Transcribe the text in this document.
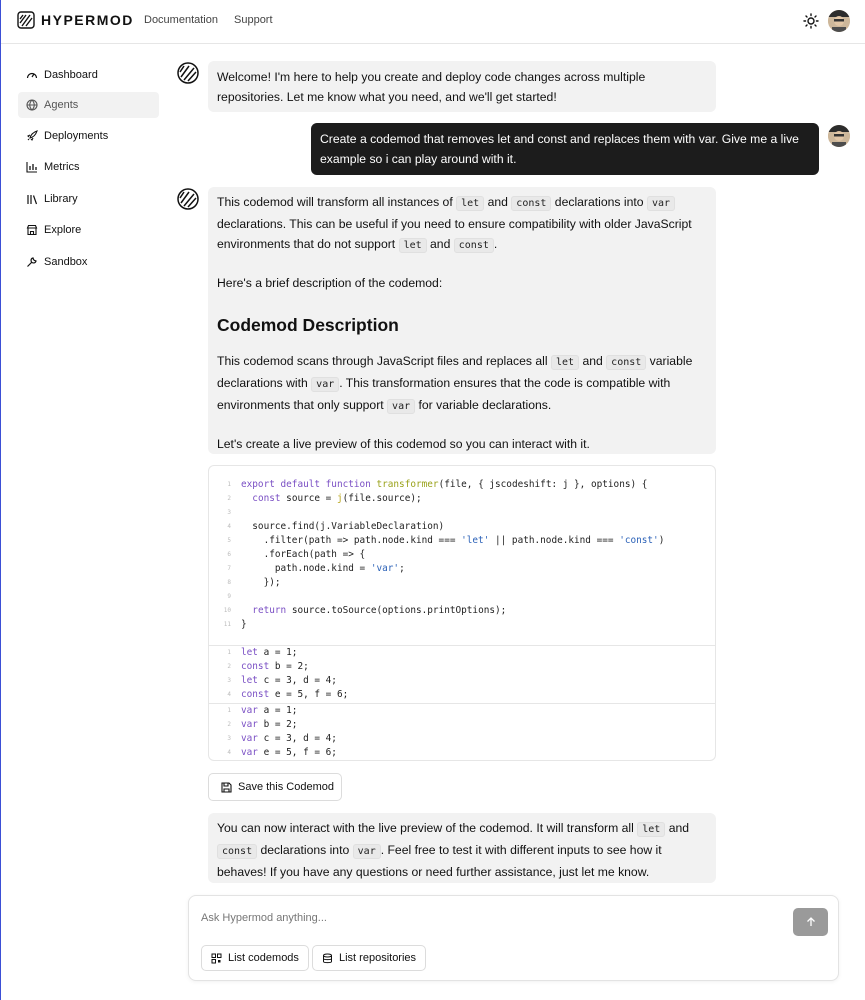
HYPERMOD Documentation Support
Dashboard
Agents
Deployments
Metrics
Library
Explore
Sandbox
Welcome! I'm here to help you create and deploy code changes across multiple
repositories. Let me know what you need, and we'll get started!
Create a codemod that removes let and const and replaces them with var. Give me a live
example so i can play around with it.
This codemod will transform all instances of let and const declarations into var
declarations. This can be useful if you need to ensure compatibility with older JavaScript
environments that do not support let and const .
Here's a brief description of the codemod:
Codemod Description
This codemod scans through JavaScript files and replaces all let and const variable
declarations with var . This transformation ensures that the code is compatible with
environments that only support var for variable declarations.
Let's create a live preview of this codemod so you can interact with it.
1 export default function transformer(file, { jscodeshift: j }, options) {
2	const source = j(file.source);
3
4 source.find(j.VariableDeclaration)
5 .filter(path => path.node.kind === 'let' || path.node.kind === 'const')
6 .forEach(path => {
7 path.node.kind = 'var';
8 });
9
10	return source.toSource(options.printOptions);
11 }
1 let a = 1;
2 const b = 2;
3 let c = 3, d = 4;
4 const e = 5, f = 6;
1 var a = 1;
2 var b = 2;
3 var c = 3, d = 4;
4 var e = 5, f = 6;
Save this Codemod
You can now interact with the live preview of the codemod. It will transform all let and
const declarations into var . Feel free to test it with different inputs to see how it
behaves! If you have any questions or need further assistance, just let me know.
Ask Hypermod anything...
List codemods	List repositories
